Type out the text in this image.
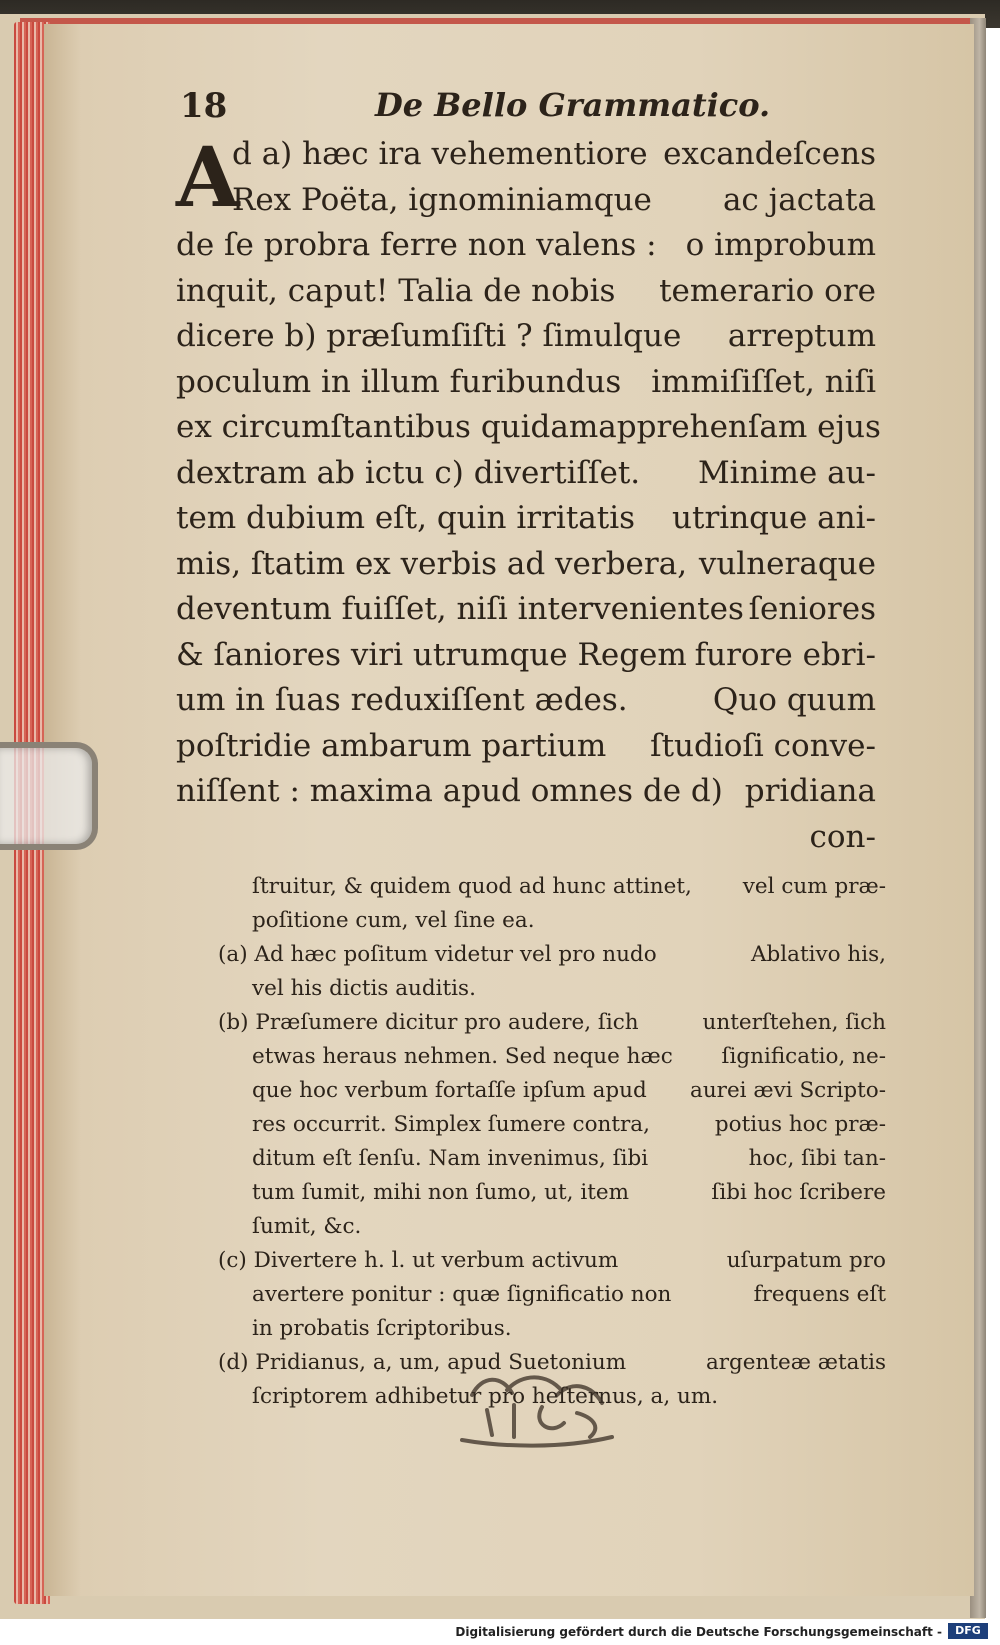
18	De Bello Grammatico.
A
d a) hæc ira vehementiore excandeſcens
Rex Poëta, ignominiamque ac jactata
de ſe probra ferre non valens : o improbum
inquit, caput! Talia de nobis temerario ore
dicere b) præſumſiſti ? ſimulque arreptum
poculum in illum furibundus immiſiſſet, niſi
ex circumſtantibus quidam apprehenſam ejus
dextram ab ictu c) divertiſſet. Minime au-
tem dubium eſt, quin irritatis utrinque ani-
mis, ſtatim ex verbis ad verbera, vulneraque
deventum fuiſſet, niſi intervenientes ſeniores
& ſaniores viri utrumque Regem furore ebri-
um in ſuas reduxiſſent ædes.	Quo quum
poſtridie ambarum partium ſtudioſi conve-
niſſent : maxima apud omnes de d) pridiana
con-
ſtruitur, & quidem quod ad hunc attinet, vel cum præ-
poſitione cum, vel ſine ea.
(a) Ad hæc poſitum videtur vel pro nudo	Ablativo his,
vel his dictis auditis.
(b) Præſumere dicitur pro audere, ſich	unterſtehen, ſich
etwas heraus nehmen. Sed neque hæc ſignificatio, ne-
que hoc verbum fortaſſe ipſum apud aurei ævi Scripto-
res occurrit. Simplex ſumere contra,	potius hoc præ-
ditum eſt ſenſu. Nam invenimus, ſibi	hoc, ſibi tan-
tum ſumit, mihi non ſumo, ut, item	ſibi hoc ſcribere
ſumit, &c.
(c) Divertere h. l. ut verbum activum	uſurpatum pro
avertere ponitur : quæ ſignificatio non	frequens eſt
in probatis ſcriptoribus.
(d) Pridianus, a, um, apud Suetonium	argenteæ ætatis
ſcriptorem adhibetur pro heſternus, a, um.
Digitalisierung gefördert durch die Deutsche Forschungsgemeinschaft -	DFG
